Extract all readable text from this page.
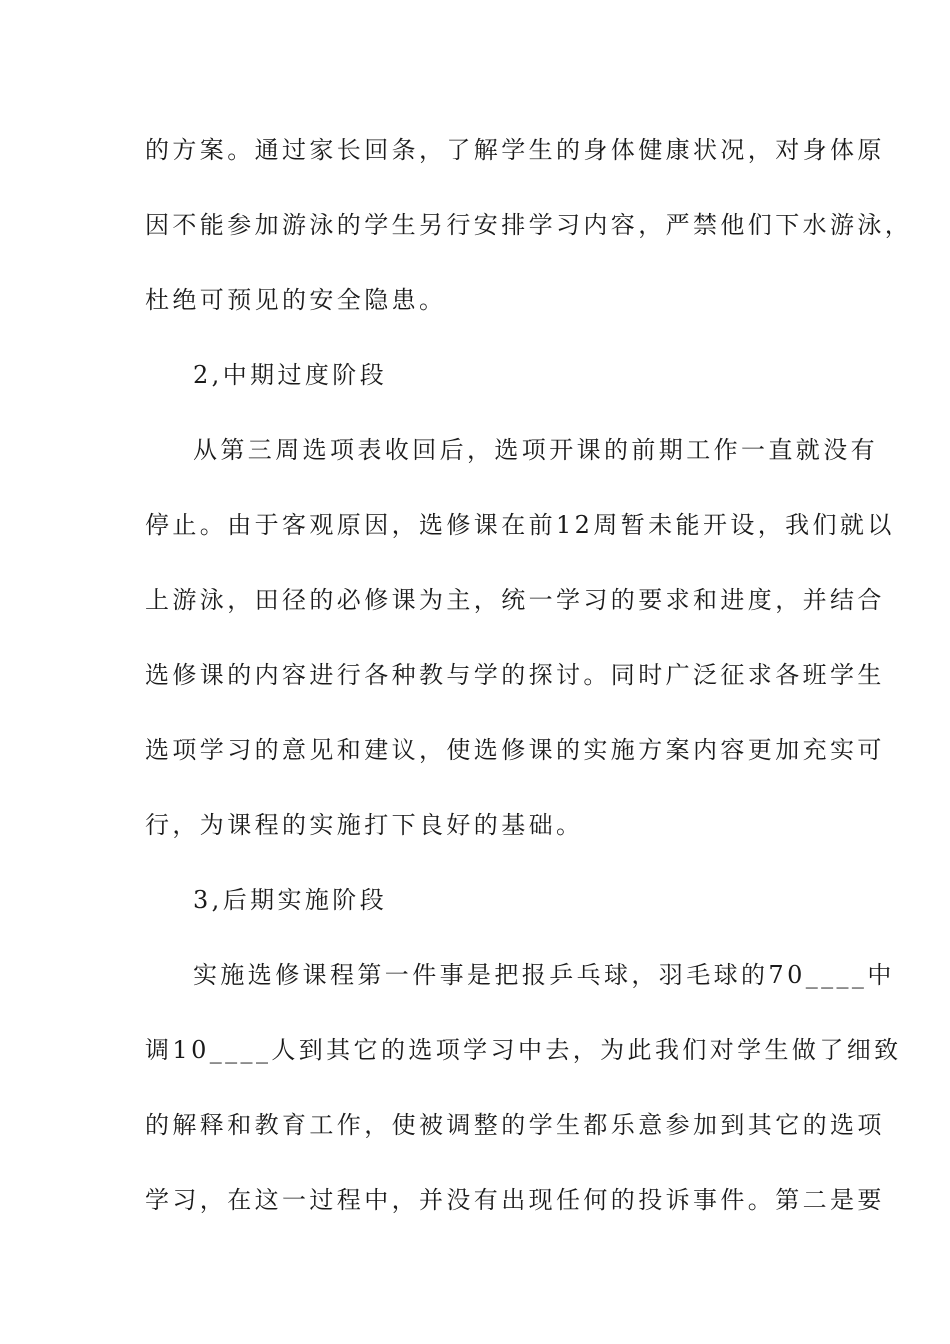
的方案。通过家长回条，了解学生的身体健康状况，对身体原
因不能参加游泳的学生另行安排学习内容，严禁他们下水游泳，
杜绝可预见的安全隐患。
2,中期过度阶段
从第三周选项表收回后，选项开课的前期工作一直就没有
停止。由于客观原因，选修课在前12周暂未能开设，我们就以
上游泳，田径的必修课为主，统一学习的要求和进度，并结合
选修课的内容进行各种教与学的探讨。同时广泛征求各班学生
选项学习的意见和建议，使选修课的实施方案内容更加充实可
行，为课程的实施打下良好的基础。
3,后期实施阶段
实施选修课程第一件事是把报乒乓球，羽毛球的70____中
调10____人到其它的选项学习中去，为此我们对学生做了细致
的解释和教育工作，使被调整的学生都乐意参加到其它的选项
学习，在这一过程中，并没有出现任何的投诉事件。第二是要
